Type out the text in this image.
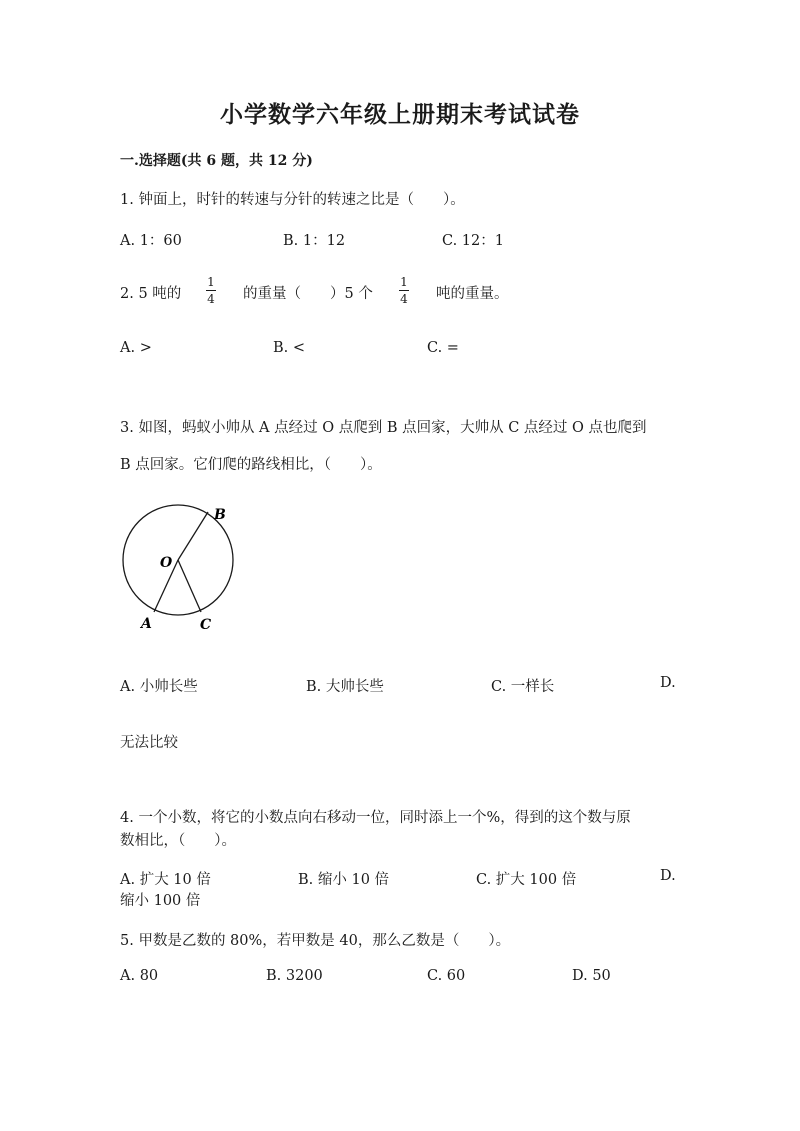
小学数学六年级上册期末考试试卷
一.选择题(共 6 题，共 12 分)
1. 钟面上，时针的转速与分针的转速之比是（　　）。
A. 1：60	B. 1：12	C. 12：1
2. 5 吨的
1
4 的重量（　　）5 个
1
4 吨的重量。
A. >	B. <	C. =
3. 如图，蚂蚁小帅从 A 点经过 O 点爬到 B 点回家，大帅从 C 点经过 O 点也爬到
B 点回家。它们爬的路线相比，（　　）。
O
B
A	C
A. 小帅长些	B. 大帅长些	C. 一样长	D.
无法比较
4. 一个小数，将它的小数点向右移动一位，同时添上一个%，得到的这个数与原
数相比，（　　）。
A. 扩大 10 倍	B. 缩小 10 倍	C. 扩大 100 倍	D.
缩小 100 倍
5. 甲数是乙数的 80%，若甲数是 40，那么乙数是（　　）。
A. 80	B. 3200	C. 60	D. 50
